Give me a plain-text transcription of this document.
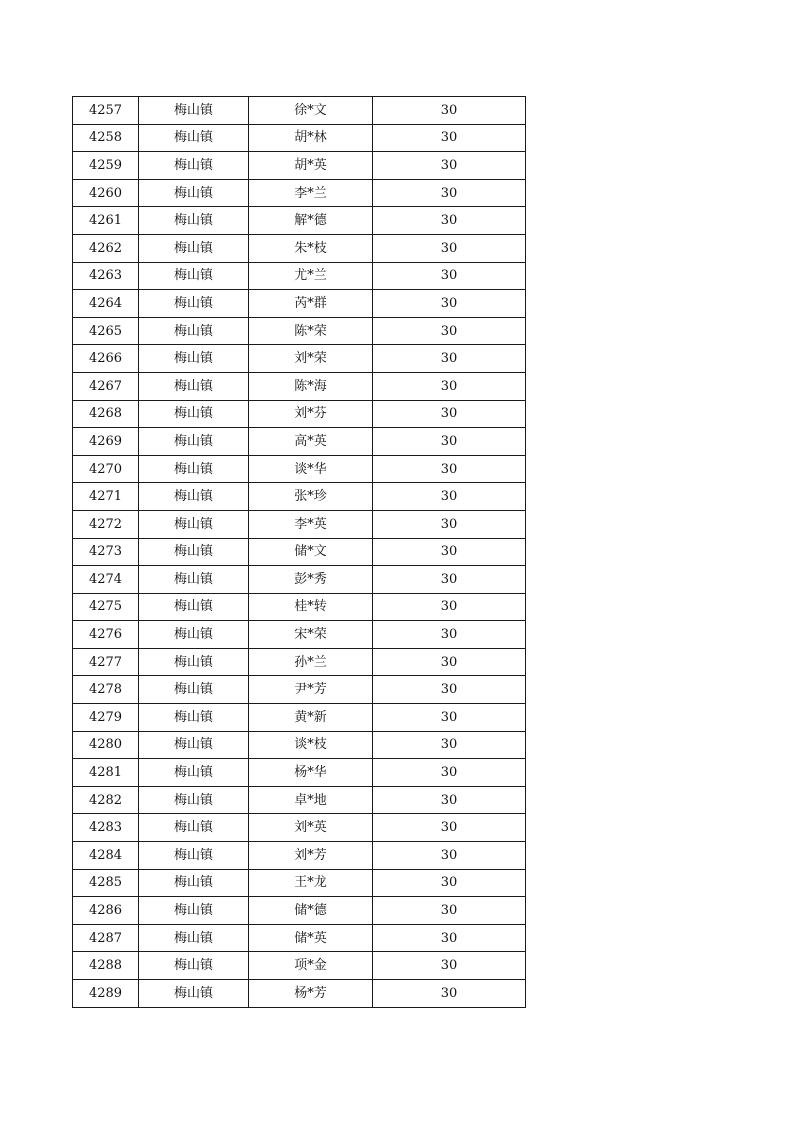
4257	梅山镇	徐*文	30
4258	梅山镇	胡*林	30
4259	梅山镇	胡*英	30
4260	梅山镇	李*兰	30
4261	梅山镇	解*德	30
4262	梅山镇	朱*枝	30
4263	梅山镇	尤*兰	30
4264	梅山镇	芮*群	30
4265	梅山镇	陈*荣	30
4266	梅山镇	刘*荣	30
4267	梅山镇	陈*海	30
4268	梅山镇	刘*芬	30
4269	梅山镇	高*英	30
4270	梅山镇	谈*华	30
4271	梅山镇	张*珍	30
4272	梅山镇	李*英	30
4273	梅山镇	储*文	30
4274	梅山镇	彭*秀	30
4275	梅山镇	桂*转	30
4276	梅山镇	宋*荣	30
4277	梅山镇	孙*兰	30
4278	梅山镇	尹*芳	30
4279	梅山镇	黄*新	30
4280	梅山镇	谈*枝	30
4281	梅山镇	杨*华	30
4282	梅山镇	卓*地	30
4283	梅山镇	刘*英	30
4284	梅山镇	刘*芳	30
4285	梅山镇	王*龙	30
4286	梅山镇	储*德	30
4287	梅山镇	储*英	30
4288	梅山镇	项*金	30
4289	梅山镇	杨*芳	30
